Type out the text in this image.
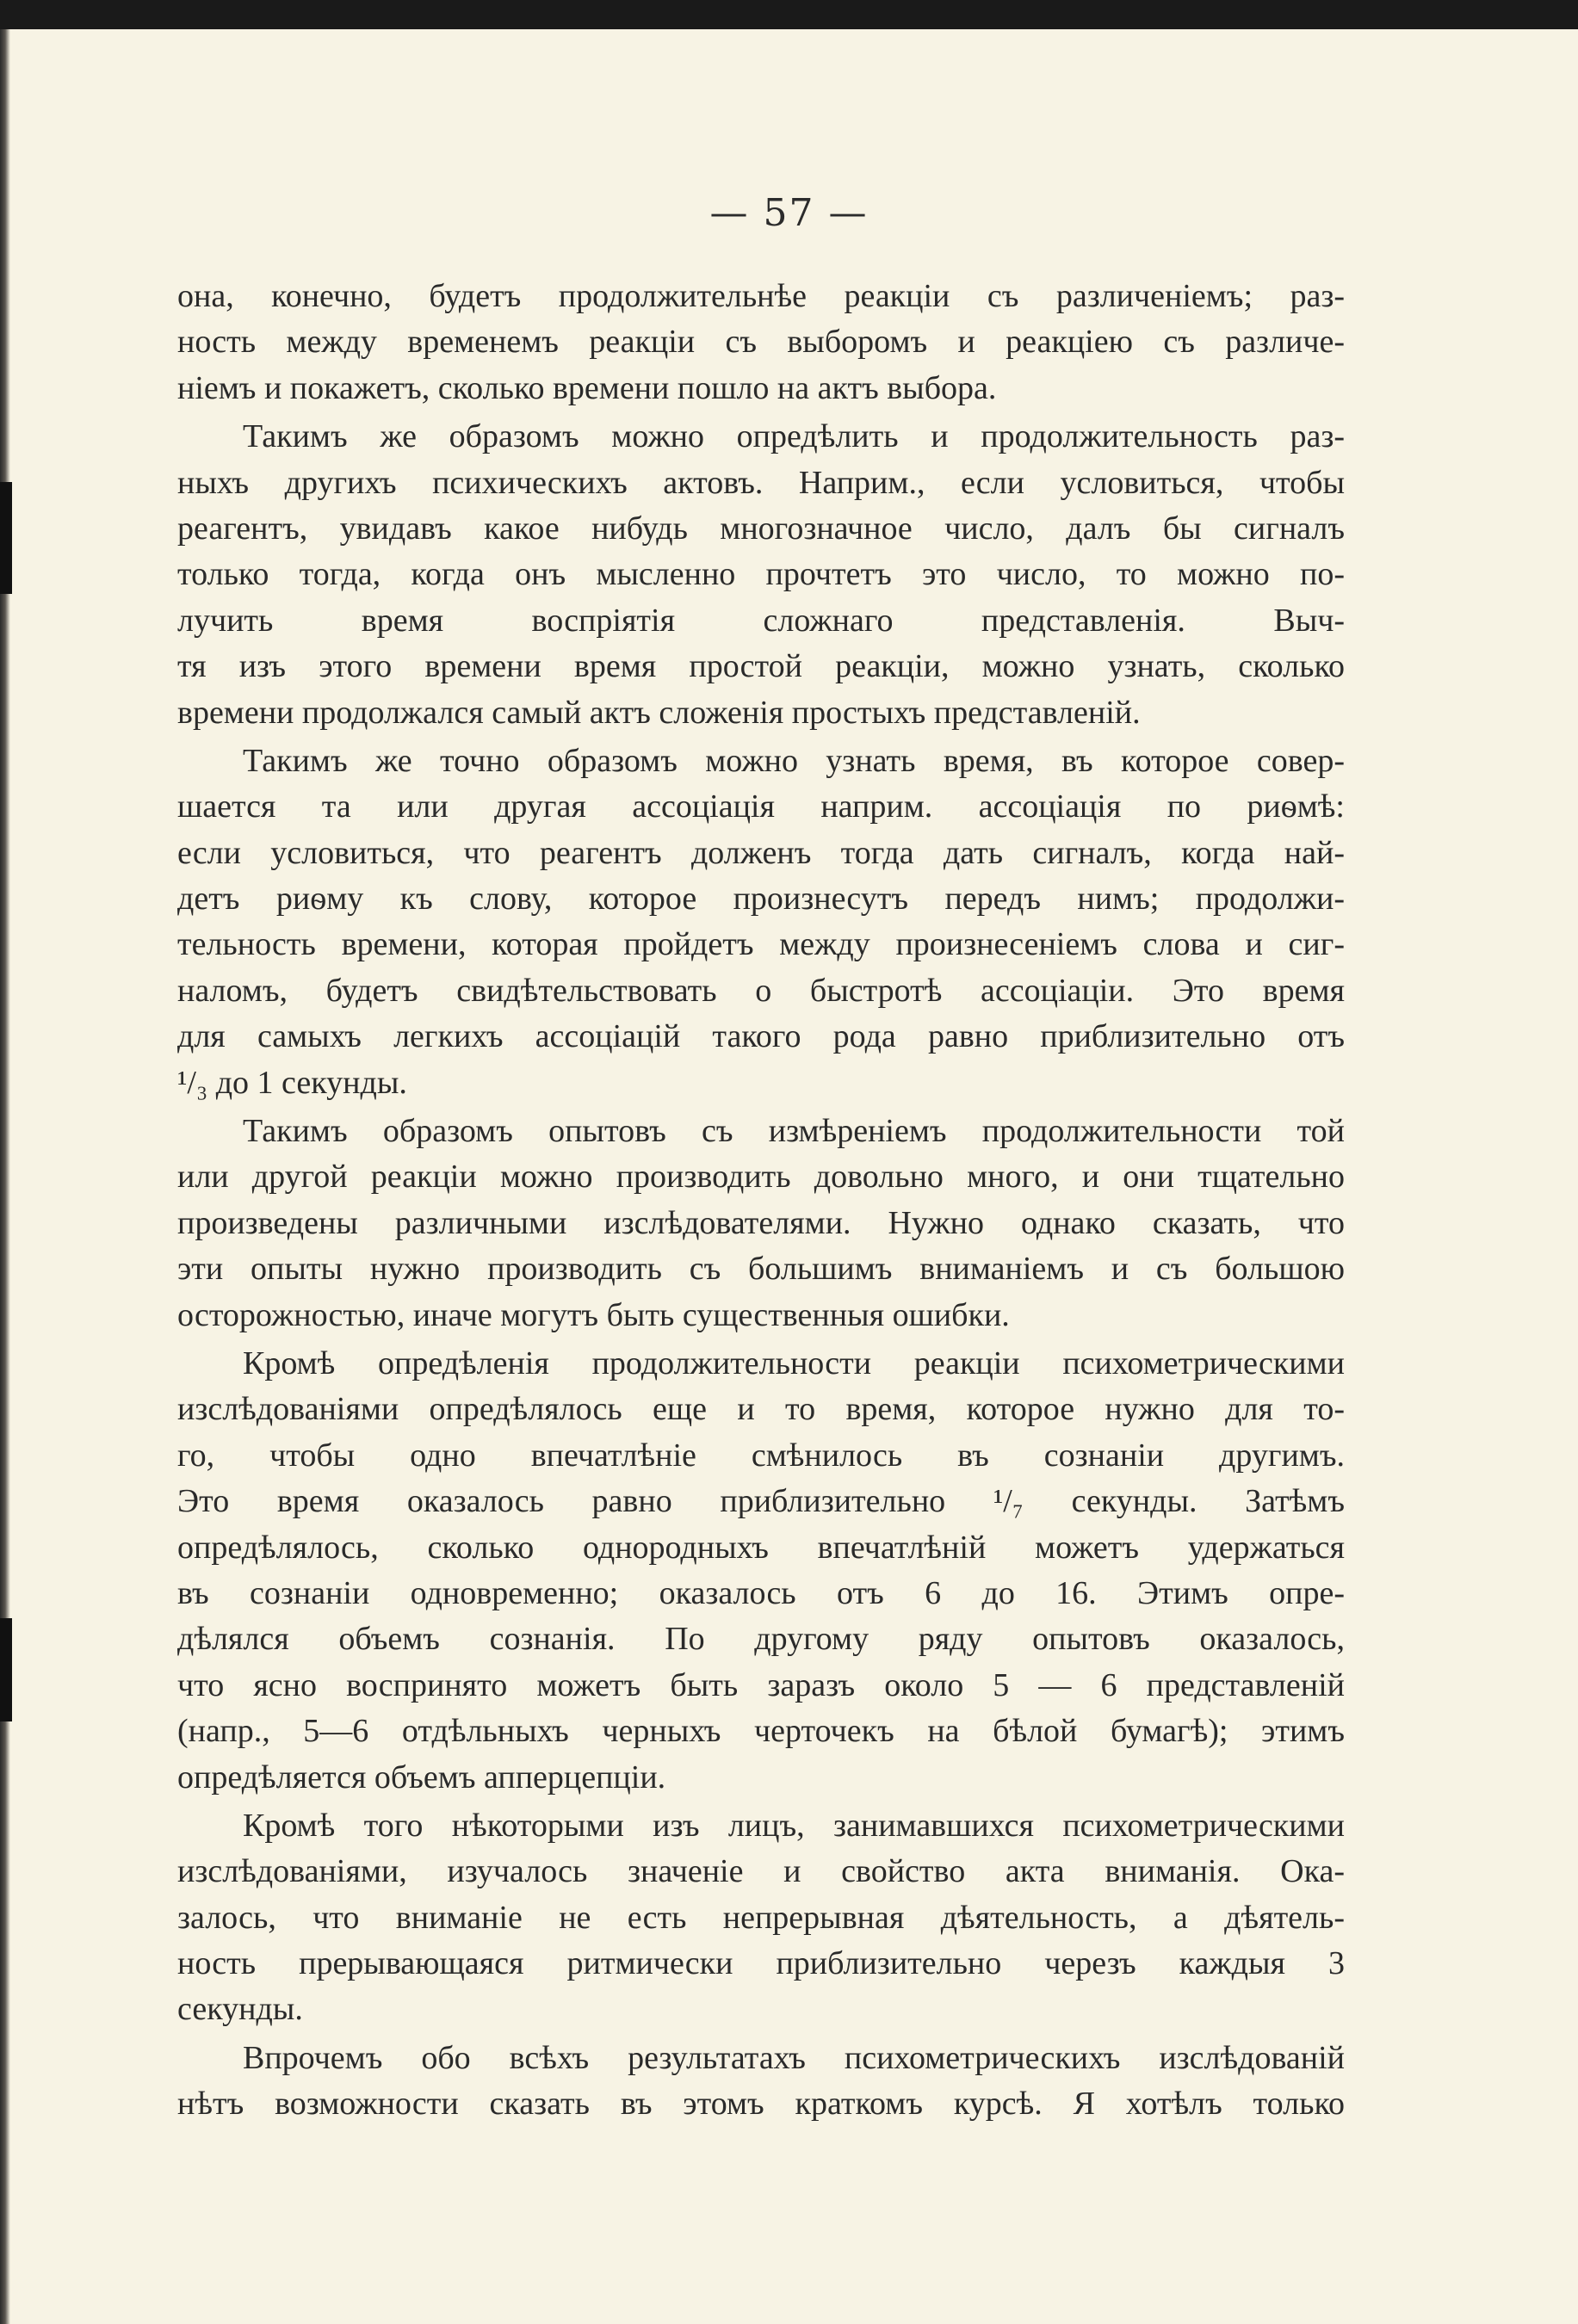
— 57 —
она, конечно, будетъ продолжительнѣе реакціи съ различеніемъ; раз-
ность между временемъ реакціи съ выборомъ и реакціею съ различе-
ніемъ и покажетъ, сколько времени пошло на актъ выбора.
Такимъ же образомъ можно опредѣлить и продолжительность раз-
ныхъ другихъ психическихъ актовъ. Наприм., если условиться, чтобы
реагентъ, увидавъ какое нибудь многозначное число, далъ бы сигналъ
только тогда, когда онъ мысленно прочтетъ это число, то можно по-
лучить время воспріятія сложнаго представленія. Выч-
тя изъ этого времени время простой реакціи, можно узнать, сколько
времени продолжался самый актъ сложенія простыхъ представленій.
Такимъ же точно образомъ можно узнать время, въ которое совер-
шается та или другая ассоціація наприм. ассоціація по риѳмѣ:
если условиться, что реагентъ долженъ тогда дать сигналъ, когда най-
детъ риѳму къ слову, которое произнесутъ передъ нимъ; продолжи-
тельность времени, которая пройдетъ между произнесеніемъ слова и сиг-
наломъ, будетъ свидѣтельствовать о быстротѣ ассоціаціи. Это время
для самыхъ легкихъ ассоціацій такого рода равно приблизительно отъ
¹/₃ до 1 секунды.
Такимъ образомъ опытовъ съ измѣреніемъ продолжительности той
или другой реакціи можно производить довольно много, и они тщательно
произведены различными изслѣдователями. Нужно однако сказать, что
эти опыты нужно производить съ большимъ вниманіемъ и съ большою
осторожностью, иначе могутъ быть существенныя ошибки.
Кромѣ опредѣленія продолжительности реакціи психометрическими
изслѣдованіями опредѣлялось еще и то время, которое нужно для то-
го, чтобы одно впечатлѣніе смѣнилось въ сознаніи другимъ.
Это время оказалось равно приблизительно ¹/₇ секунды. Затѣмъ
опредѣлялось, сколько однородныхъ впечатлѣній можетъ удержаться
въ сознаніи одновременно; оказалось отъ 6 до 16. Этимъ опре-
дѣлялся объемъ сознанія. По другому ряду опытовъ оказалось,
что ясно воспринято можетъ быть заразъ около 5 — 6 представленій
(напр., 5—6 отдѣльныхъ черныхъ черточекъ на бѣлой бумагѣ); этимъ
опредѣляется объемъ апперцепціи.
Кромѣ того нѣкоторыми изъ лицъ, занимавшихся психометрическими
изслѣдованіями, изучалось значеніе и свойство акта вниманія. Ока-
залось, что вниманіе не есть непрерывная дѣятельность, а дѣятель-
ность прерывающаяся ритмически приблизительно черезъ каждыя 3
секунды.
Впрочемъ обо всѣхъ результатахъ психометрическихъ изслѣдованій
нѣтъ возможности сказать въ этомъ краткомъ курсѣ. Я хотѣлъ только
